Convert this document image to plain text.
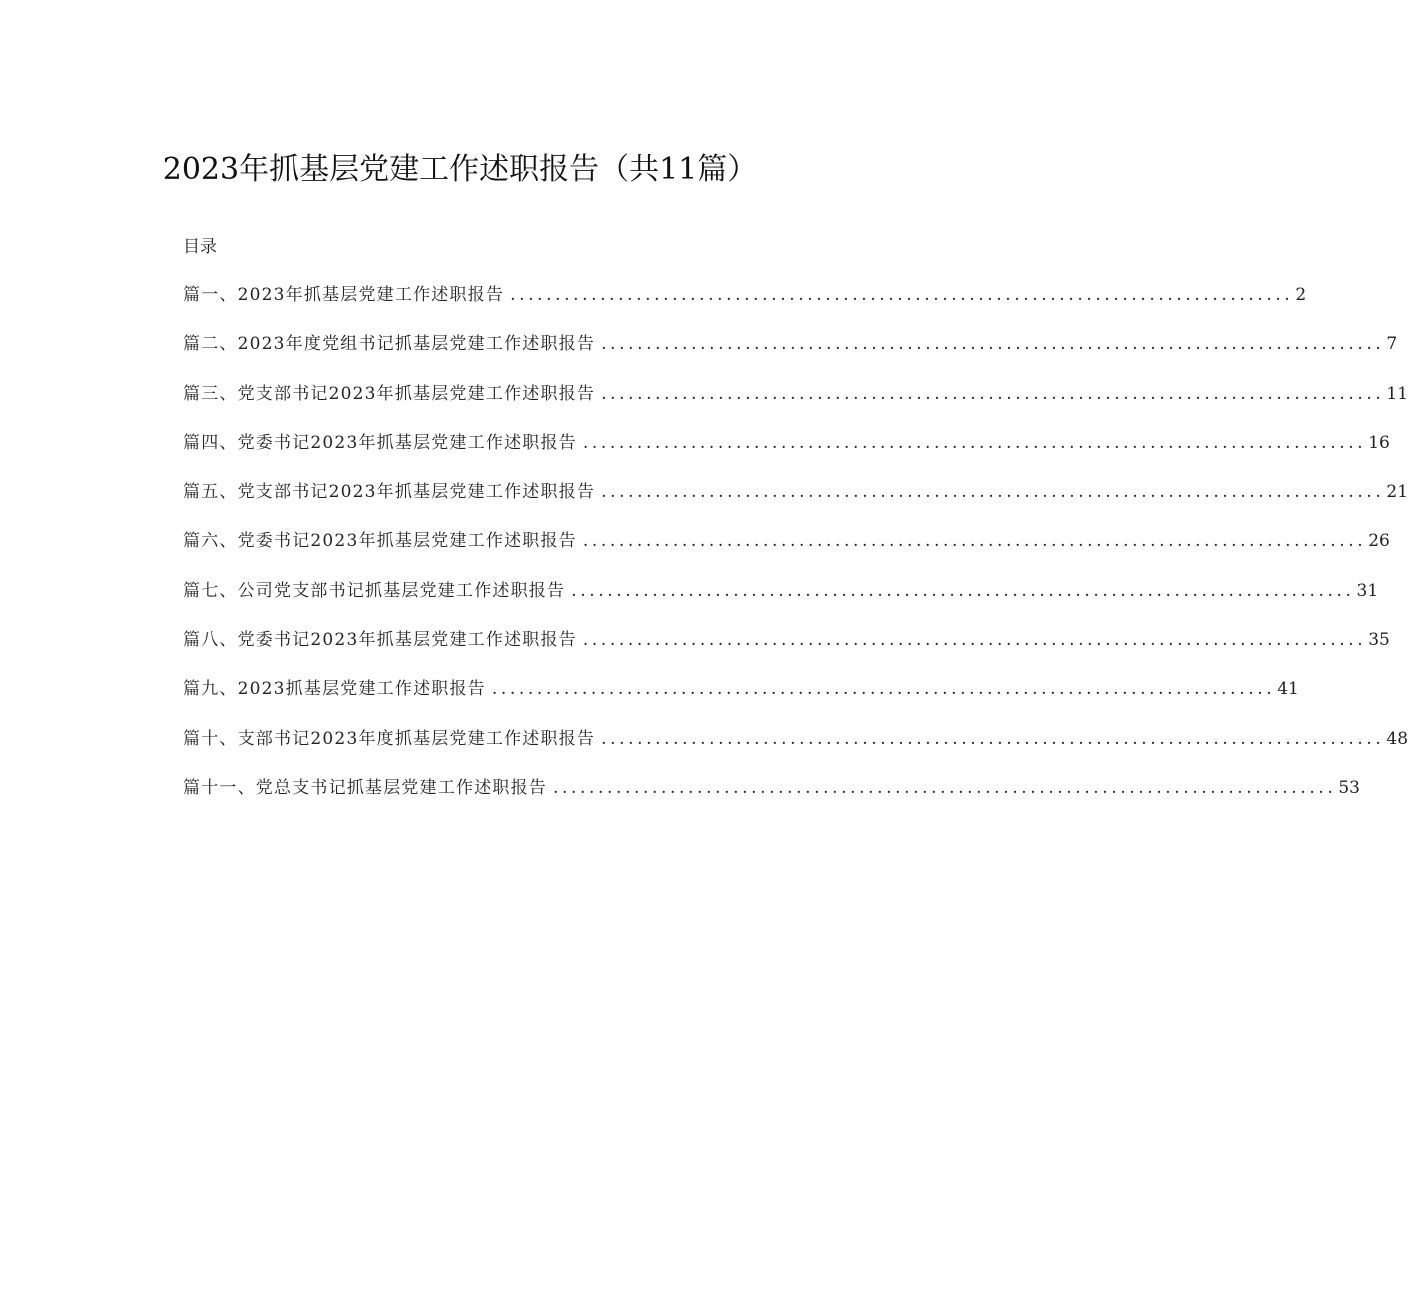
2023年抓基层党建工作述职报告（共11篇）
目录
篇一、2023年抓基层党建工作述职报告 ....................................................................................... 2
篇二、2023年度党组书记抓基层党建工作述职报告 ....................................................................................... 7
篇三、党支部书记2023年抓基层党建工作述职报告 ....................................................................................... 11
篇四、党委书记2023年抓基层党建工作述职报告 ....................................................................................... 16
篇五、党支部书记2023年抓基层党建工作述职报告 ....................................................................................... 21
篇六、党委书记2023年抓基层党建工作述职报告 ....................................................................................... 26
篇七、公司党支部书记抓基层党建工作述职报告 ....................................................................................... 31
篇八、党委书记2023年抓基层党建工作述职报告 ....................................................................................... 35
篇九、2023抓基层党建工作述职报告 ....................................................................................... 41
篇十、支部书记2023年度抓基层党建工作述职报告 ....................................................................................... 48
篇十一、党总支书记抓基层党建工作述职报告 ....................................................................................... 53
